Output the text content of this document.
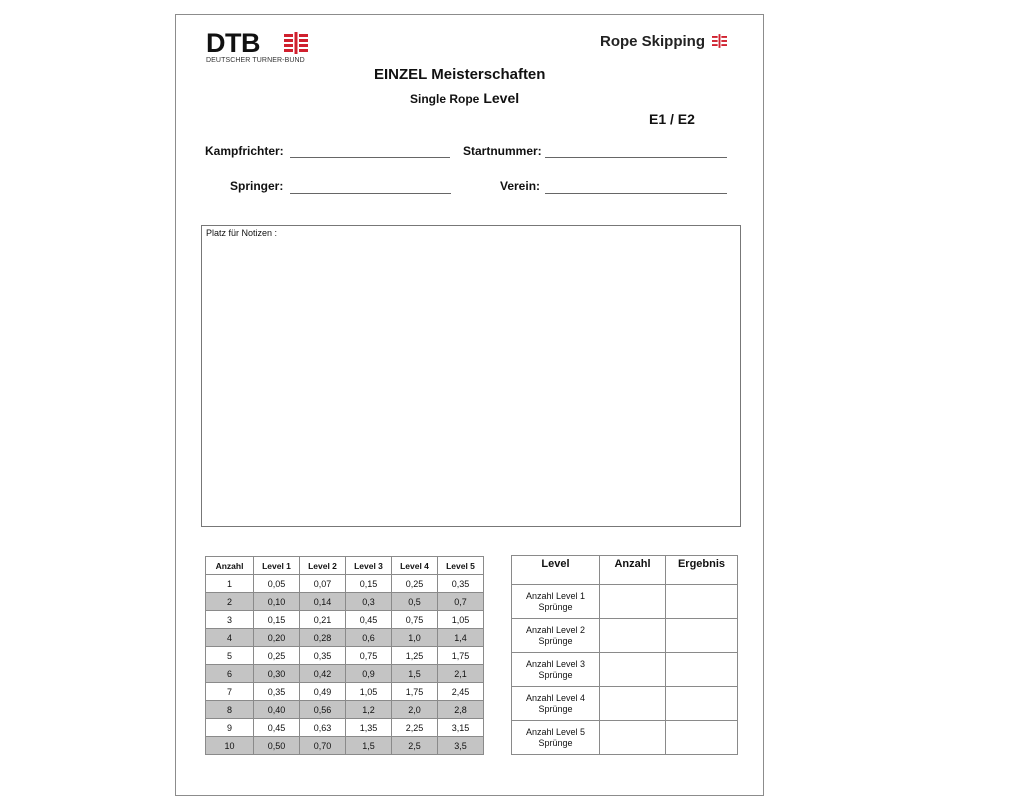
DTB
DEUTSCHER TURNER-BUND
Rope Skipping
EINZEL Meisterschaften
Single Rope Level
E1 / E2
Kampfrichter:	Startnummer:
Springer:	Verein:
Platz für Notizen :
Anzahl	Level 1	Level 2	Level 3	Level 4	Level 5
1	0,05	0,07	0,15	0,25	0,35
2	0,10	0,14	0,3	0,5	0,7
3	0,15	0,21	0,45	0,75	1,05
4	0,20	0,28	0,6	1,0	1,4
5	0,25	0,35	0,75	1,25	1,75
6	0,30	0,42	0,9	1,5	2,1
7	0,35	0,49	1,05	1,75	2,45
8	0,40	0,56	1,2	2,0	2,8
9	0,45	0,63	1,35	2,25	3,15
10	0,50	0,70	1,5	2,5	3,5
Level	Anzahl	Ergebnis

Anzahl Level 1
Sprünge		

Anzahl Level 2
Sprünge		

Anzahl Level 3
Sprünge		

Anzahl Level 4
Sprünge		

Anzahl Level 5
Sprünge		
